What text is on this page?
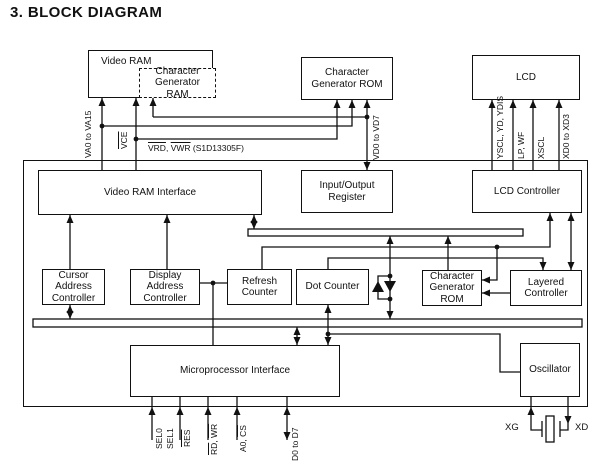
3. BLOCK DIAGRAM
Video RAM
Character Generator RAM
Character Generator ROM
LCD
Video RAM Interface
Input/Output Register
LCD Controller
Cursor Address Controller
Display Address Controller
Refresh Counter
Dot Counter
Character Generator ROM
Layered Controller
Microprocessor Interface	Oscillator
VA0 to VA15	$\overline{VCE}$ $\overline{VRD}$, $\overline{VWR}$ (S1D13305F)	VD0 to VD7	YSCL, YD, YDIS LP, WF XSCL XD0 to XD3
SEL0 SEL1 $\overline{RES}$
$\overline{RD}$, $\overline{WR}$
A0, $\overline{CS}$	D0 to D7	XG	XD
